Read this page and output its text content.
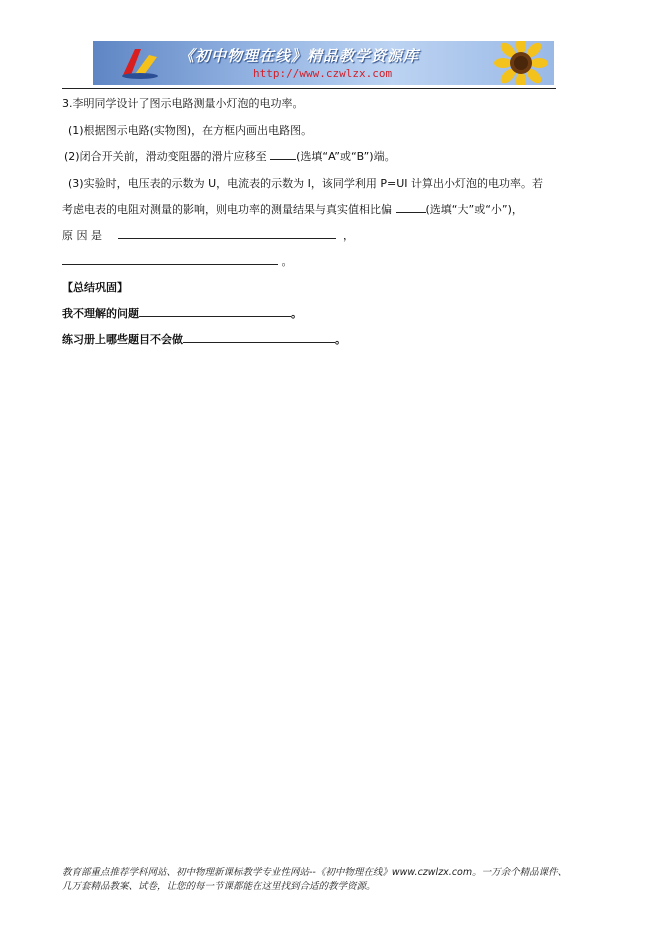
《初中物理在线》精品教学资源库
http://www.czwlzx.com
3.李明同学设计了图示电路测量小灯泡的电功率。
(1)根据图示电路(实物图)，在方框内画出电路图。
(2)闭合开关前，滑动变阻器的滑片应移至	(选填“A”或“B”)端。
(3)实验时，电压表的示数为 U，电流表的示数为 I，该同学利用 P=UI 计算出小灯泡的电功率。若
考虑电表的电阻对测量的影响，则电功率的测量结果与真实值相比偏	(选填“大”或“小”)，
原 因 是	，
。
【总结巩固】
我不理解的问题	。
练习册上哪些题目不会做	。
教育部重点推荐学科网站、初中物理新课标教学专业性网站--《初中物理在线》www.czwlzx.com。一万余个精品课件、
几万套精品教案、试卷，让您的每一节课都能在这里找到合适的教学资源。
